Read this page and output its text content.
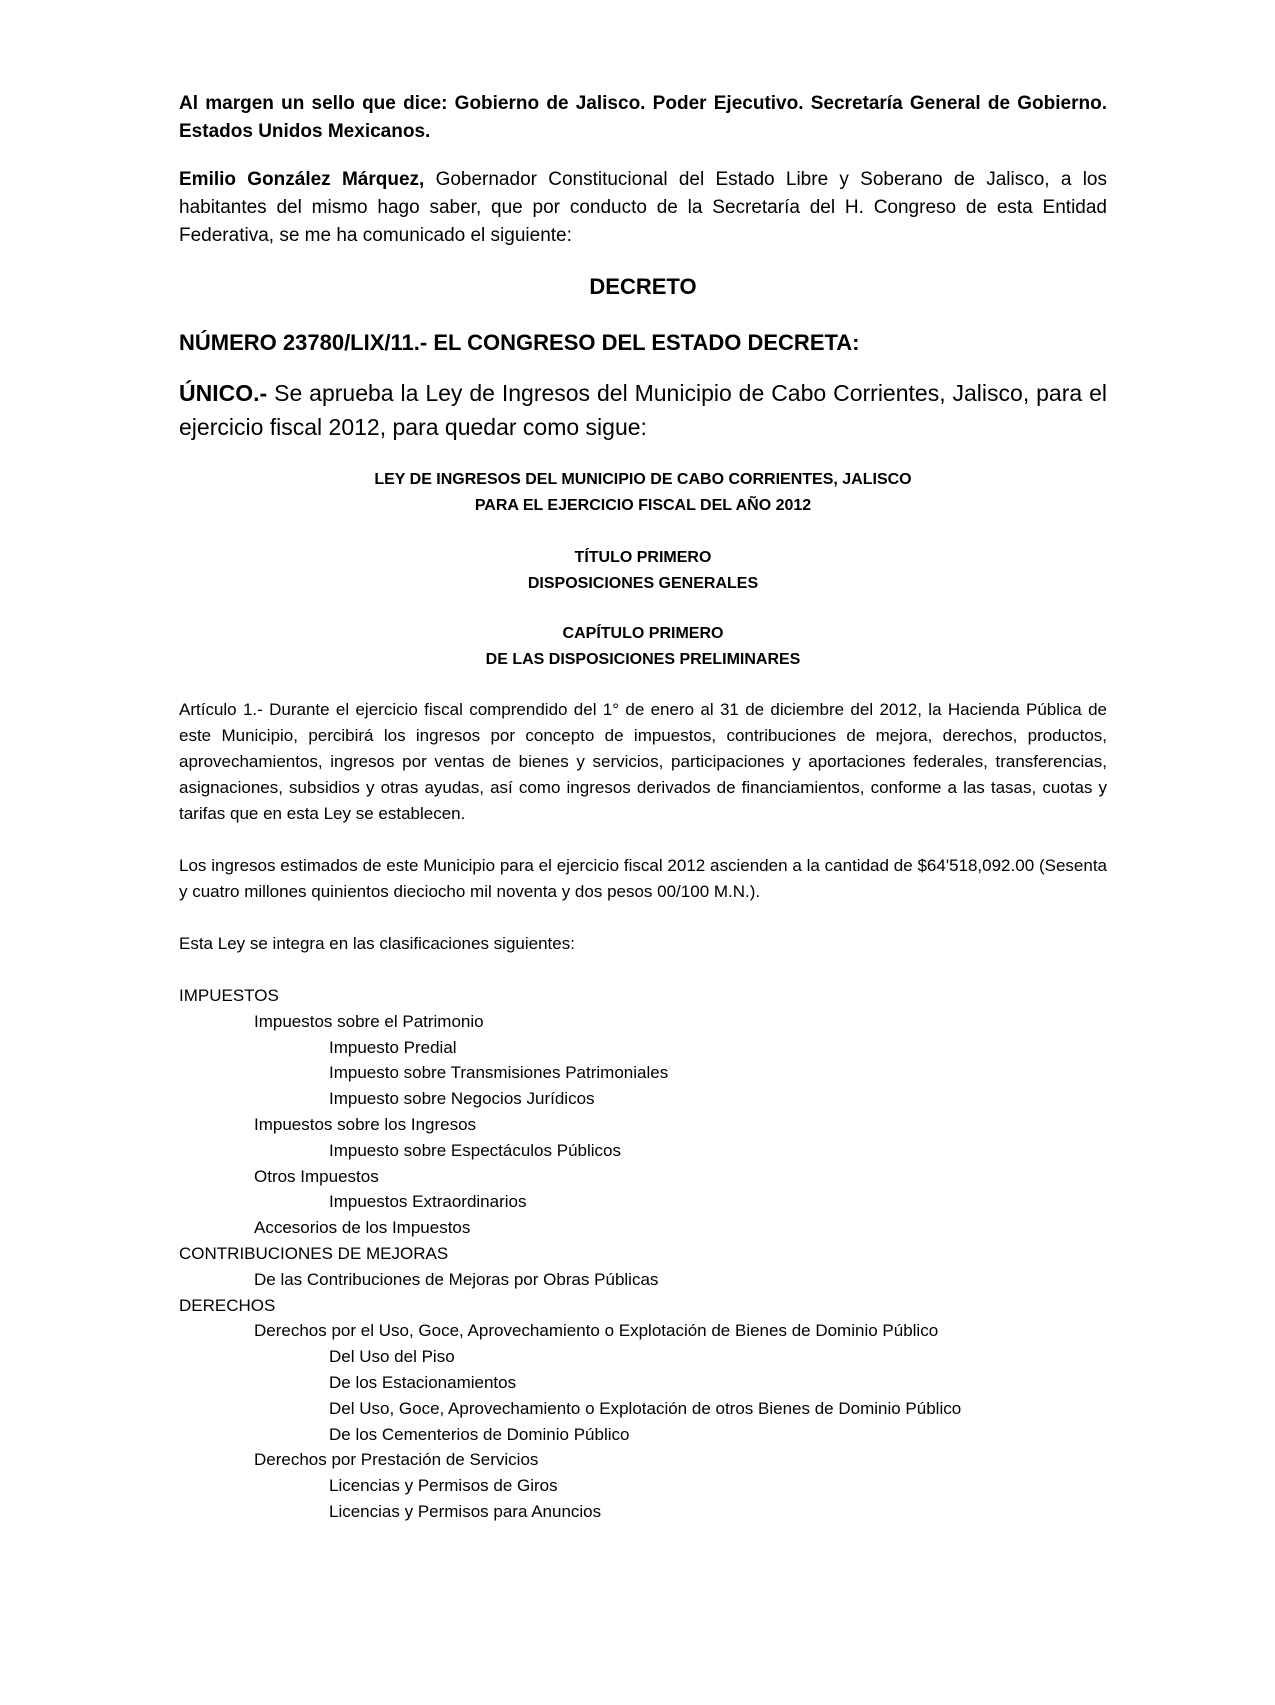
Al margen un sello que dice: Gobierno de Jalisco. Poder Ejecutivo. Secretaría General de Gobierno. Estados Unidos Mexicanos.

Emilio González Márquez, Gobernador Constitucional del Estado Libre y Soberano de Jalisco, a los habitantes del mismo hago saber, que por conducto de la Secretaría del H. Congreso de esta Entidad Federativa, se me ha comunicado el siguiente:

DECRETO
NÚMERO 23780/LIX/11.- EL CONGRESO DEL ESTADO DECRETA:

ÚNICO.- Se aprueba la Ley de Ingresos del Municipio de Cabo Corrientes, Jalisco, para el ejercicio fiscal 2012, para quedar como sigue:

LEY DE INGRESOS DEL MUNICIPIO DE CABO CORRIENTES, JALISCO

PARA EL EJERCICIO FISCAL DEL AÑO 2012

TÍTULO PRIMERO

DISPOSICIONES GENERALES

CAPÍTULO PRIMERO

DE LAS DISPOSICIONES PRELIMINARES

Artículo 1.- Durante el ejercicio fiscal comprendido del 1° de enero al 31 de diciembre del 2012, la Hacienda Pública de este Municipio, percibirá los ingresos por concepto de impuestos, contribuciones de mejora, derechos, productos, aprovechamientos, ingresos por ventas de bienes y servicios, participaciones y aportaciones federales, transferencias, asignaciones, subsidios y otras ayudas, así como ingresos derivados de financiamientos, conforme a las tasas, cuotas y tarifas que en esta Ley se establecen.

Los ingresos estimados de este Municipio para el ejercicio fiscal 2012 ascienden a la cantidad de $64'518,092.00 (Sesenta y cuatro millones quinientos dieciocho mil noventa y dos pesos 00/100 M.N.).

Esta Ley se integra en las clasificaciones siguientes:

IMPUESTOS
Impuestos sobre el Patrimonio
Impuesto Predial
Impuesto sobre Transmisiones Patrimoniales
Impuesto sobre Negocios Jurídicos
Impuestos sobre los Ingresos
Impuesto sobre Espectáculos Públicos
Otros Impuestos
Impuestos Extraordinarios
Accesorios de los Impuestos
CONTRIBUCIONES DE MEJORAS
De las Contribuciones de Mejoras por Obras Públicas
DERECHOS
Derechos por el Uso, Goce, Aprovechamiento o Explotación de Bienes de Dominio Público
Del Uso del Piso
De los Estacionamientos
Del Uso, Goce, Aprovechamiento o Explotación de otros Bienes de Dominio Público
De los Cementerios de Dominio Público
Derechos por Prestación de Servicios
Licencias y Permisos de Giros
Licencias y Permisos para Anuncios
